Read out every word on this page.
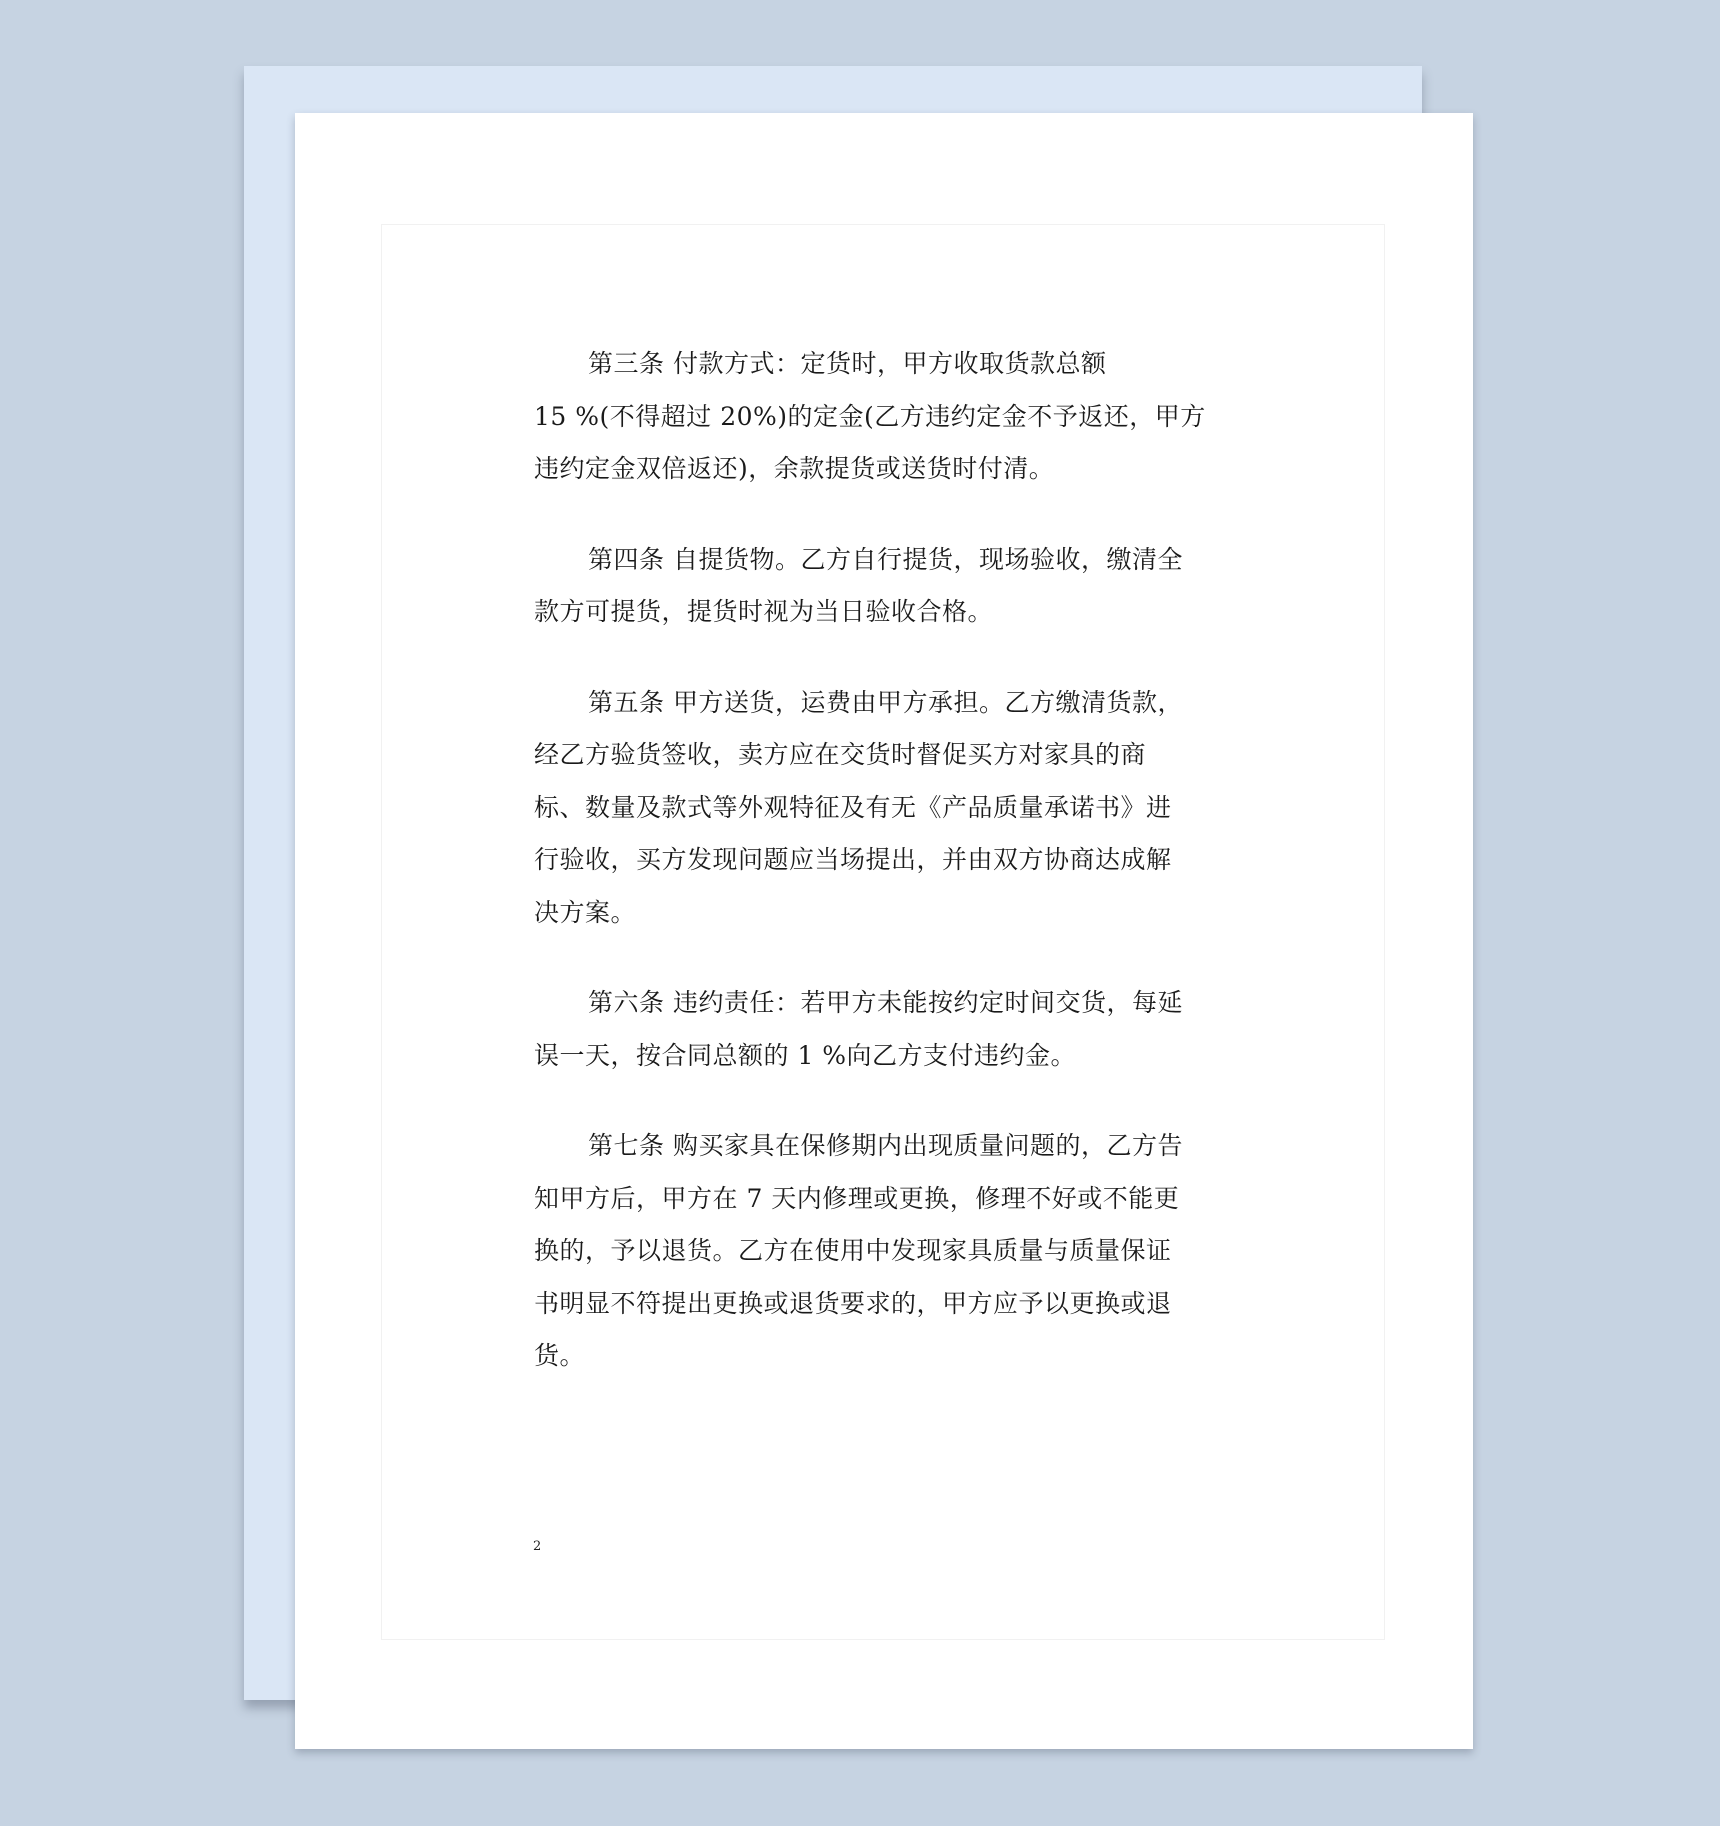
第三条 付款方式：定货时，甲方收取货款总额
15 %(不得超过 20%)的定金(乙方违约定金不予返还，甲方
违约定金双倍返还)，余款提货或送货时付清。

第四条 自提货物。乙方自行提货，现场验收，缴清全
款方可提货，提货时视为当日验收合格。

第五条 甲方送货，运费由甲方承担。乙方缴清货款，
经乙方验货签收，卖方应在交货时督促买方对家具的商
标、数量及款式等外观特征及有无《产品质量承诺书》进
行验收，买方发现问题应当场提出，并由双方协商达成解
决方案。

第六条 违约责任：若甲方未能按约定时间交货，每延
误一天，按合同总额的 1 %向乙方支付违约金。

第七条 购买家具在保修期内出现质量问题的，乙方告
知甲方后，甲方在 7 天内修理或更换，修理不好或不能更
换的，予以退货。乙方在使用中发现家具质量与质量保证
书明显不符提出更换或退货要求的，甲方应予以更换或退
货。

2
